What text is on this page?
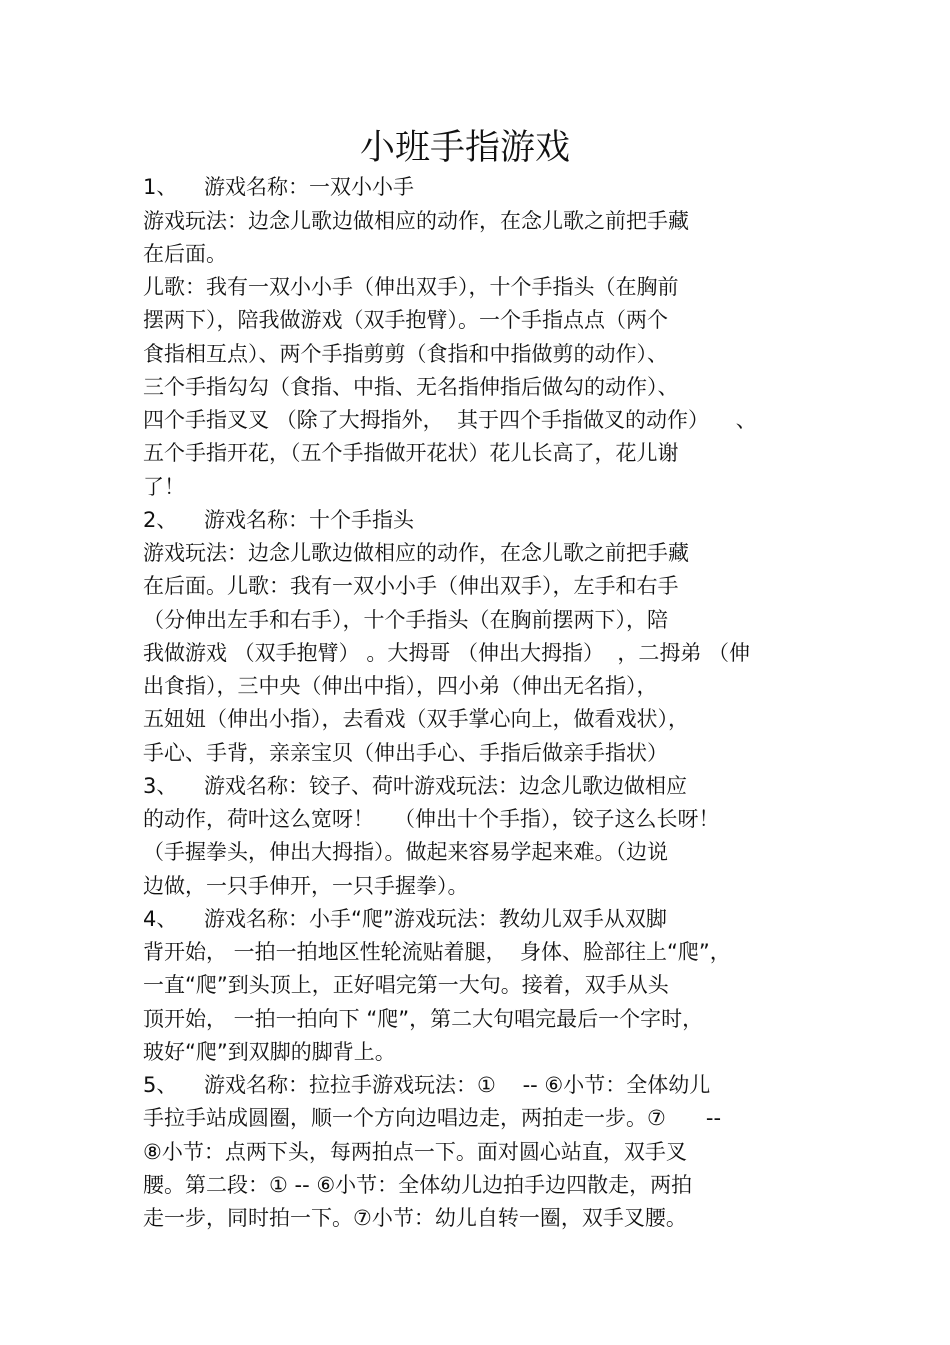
小班手指游戏
1、    游戏名称：一双小小手
游戏玩法：边念儿歌边做相应的动作，在念儿歌之前把手藏
在后面。
儿歌：我有一双小小手（伸出双手），十个手指头（在胸前
摆两下），陪我做游戏（双手抱臂）。一个手指点点（两个
食指相互点）、两个手指剪剪（食指和中指做剪的动作）、
三个手指勾勾（食指、中指、无名指伸指后做勾的动作）、
四个手指叉叉 （除了大拇指外，  其于四个手指做叉的动作）    、
五个手指开花，（五个手指做开花状）花儿长高了，花儿谢
了！
2、    游戏名称：十个手指头
游戏玩法：边念儿歌边做相应的动作，在念儿歌之前把手藏
在后面。儿歌：我有一双小小手（伸出双手），左手和右手
（分伸出左手和右手），十个手指头（在胸前摆两下），陪
我做游戏 （双手抱臂） 。大拇哥 （伸出大拇指）  ，二拇弟 （伸
出食指），三中央（伸出中指），四小弟（伸出无名指），
五妞妞（伸出小指），去看戏（双手掌心向上，做看戏状），
手心、手背，亲亲宝贝（伸出手心、手指后做亲手指状）
3、    游戏名称：铰子、荷叶游戏玩法：边念儿歌边做相应
的动作，荷叶这么宽呀！   （伸出十个手指），铰子这么长呀！
（手握拳头，伸出大拇指）。做起来容易学起来难。（边说
边做，一只手伸开，一只手握拳）。
4、    游戏名称：小手“爬”游戏玩法：教幼儿双手从双脚
背开始， 一拍一拍地区性轮流贴着腿，  身体、脸部往上“爬”，
一直“爬”到头顶上，正好唱完第一大句。接着，双手从头
顶开始， 一拍一拍向下 “爬”，第二大句唱完最后一个字时，
玻好“爬”到双脚的脚背上。
5、    游戏名称：拉拉手游戏玩法：①    -- ⑥小节：全体幼儿
手拉手站成圆圈，顺一个方向边唱边走，两拍走一步。⑦      --
⑧小节：点两下头，每两拍点一下。面对圆心站直，双手叉
腰。第二段：① -- ⑥小节：全体幼儿边拍手边四散走，两拍
走一步，同时拍一下。⑦小节：幼儿自转一圈，双手叉腰。
